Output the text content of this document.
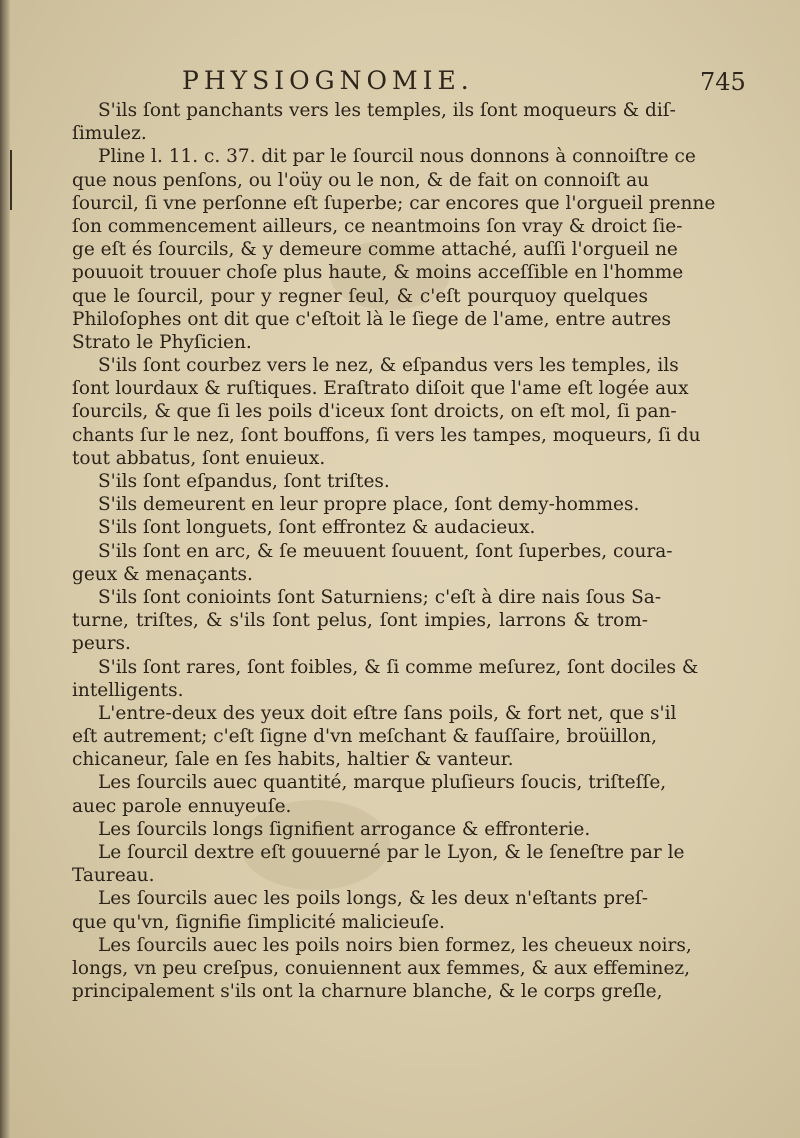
PHYSIOGNOMIE.	745
S'ils ſont panchants vers les temples, ils ſont moqueurs & diſ-
ſimulez.
Pline l. 11. c. 37. dit par le ſourcil nous donnons à connoiſtre ce
que nous penſons, ou l'oüy ou le non, & de fait on connoiſt au
ſourcil, ſi vne perſonne eſt ſuperbe; car encores que l'orgueil prenne
ſon commencement ailleurs, ce neantmoins ſon vray & droict ſie-
ge eſt és ſourcils, & y demeure comme attaché, auſſi l'orgueil ne
pouuoit trouuer choſe plus haute, & moins acceſſible en l'homme
que le ſourcil, pour y regner ſeul, & c'eſt pourquoy quelques
Philoſophes ont dit que c'eſtoit là le ſiege de l'ame, entre autres
Strato le Phyſicien.
S'ils ſont courbez vers le nez, & eſpandus vers les temples, ils
ſont lourdaux & ruſtiques. Eraſtrato diſoit que l'ame eſt logée aux
ſourcils, & que ſi les poils d'iceux ſont droicts, on eſt mol, ſi pan-
chants ſur le nez, ſont bouffons, ſi vers les tampes, moqueurs, ſi du
tout abbatus, ſont enuieux.
S'ils ſont eſpandus, ſont triſtes.
S'ils demeurent en leur propre place, ſont demy-hommes.
S'ils ſont longuets, ſont effrontez & audacieux.
S'ils ſont en arc, & ſe meuuent ſouuent, ſont ſuperbes, coura-
geux & menaçants.
S'ils ſont conioints ſont Saturniens; c'eſt à dire nais ſous Sa-
turne, triſtes, & s'ils ſont pelus, ſont impies, larrons & trom-
peurs.
S'ils ſont rares, ſont foibles, & ſi comme meſurez, ſont dociles &
intelligents.
L'entre-deux des yeux doit eſtre ſans poils, & fort net, que s'il
eſt autrement; c'eſt ſigne d'vn meſchant & fauſſaire, broüillon,
chicaneur, ſale en ſes habits, haltier & vanteur.
Les ſourcils auec quantité, marque pluſieurs ſoucis, triſteſſe,
auec parole ennuyeuſe.
Les ſourcils longs ſignifient arrogance & effronterie.
Le ſourcil dextre eſt gouuerné par le Lyon, & le ſeneſtre par le
Taureau.
Les ſourcils auec les poils longs, & les deux n'eſtants preſ-
que qu'vn, ſignifie ſimplicité malicieuſe.
Les ſourcils auec les poils noirs bien formez, les cheueux noirs,
longs, vn peu creſpus, conuiennent aux femmes, & aux effeminez,
principalement s'ils ont la charnure blanche, & le corps greſle,
